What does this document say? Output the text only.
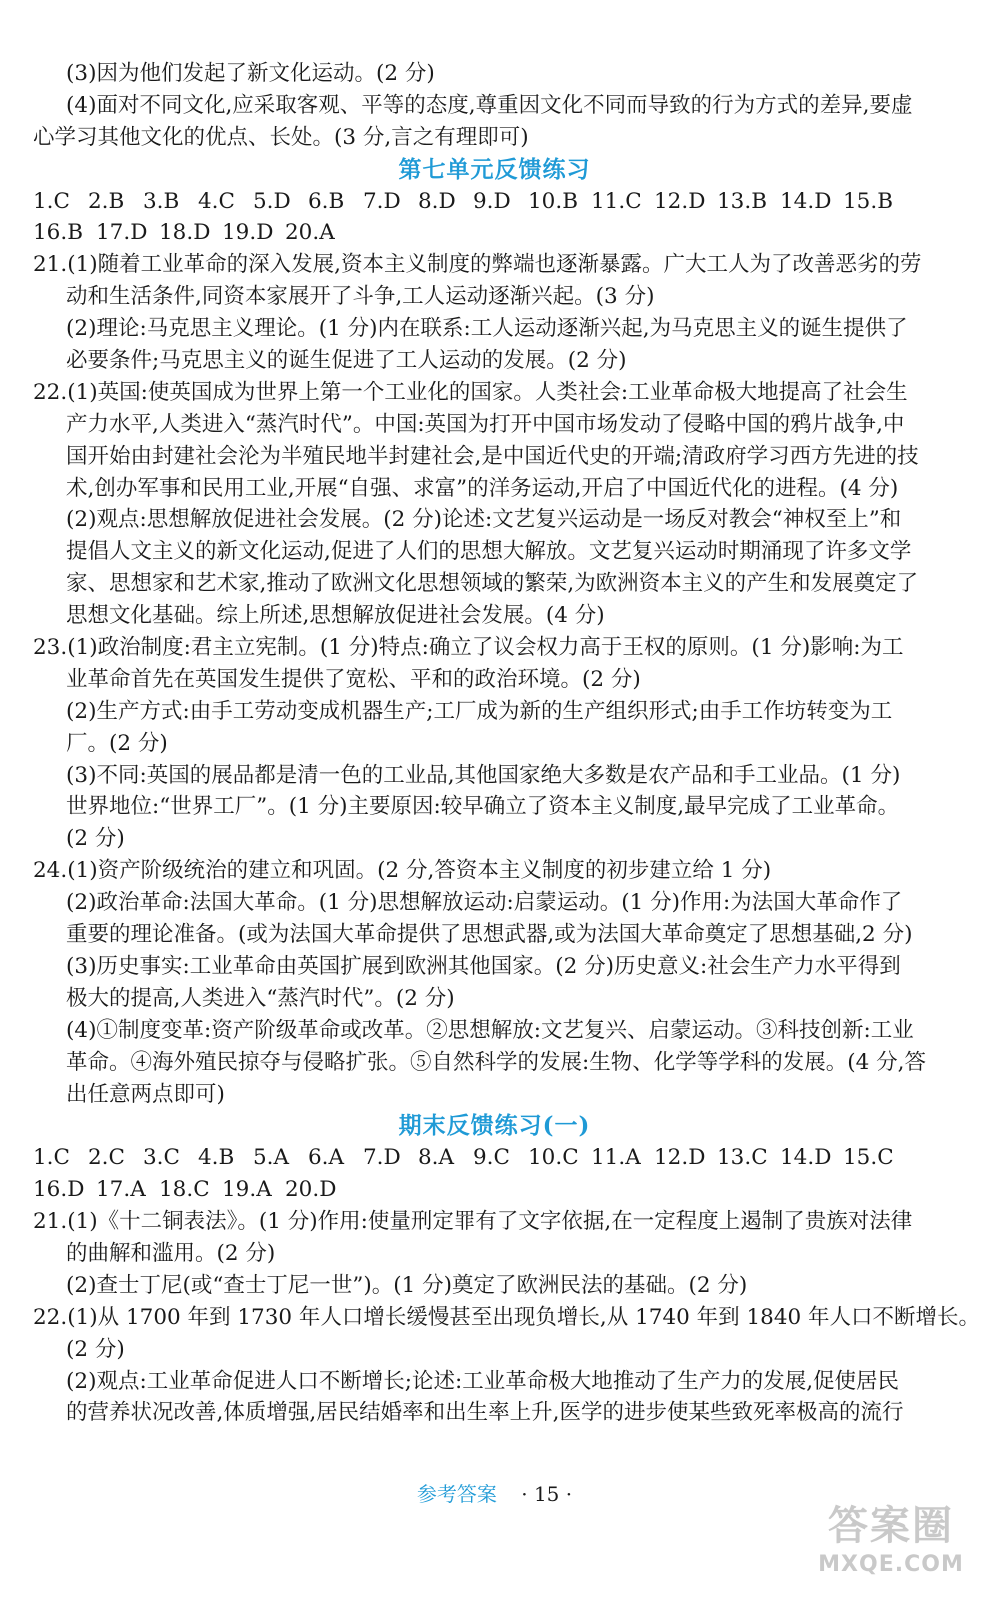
(3)因为他们发起了新文化运动。(2 分)
(4)面对不同文化,应采取客观、平等的态度,尊重因文化不同而导致的行为方式的差异,要虚
心学习其他文化的优点、长处。(3 分,言之有理即可)
第七单元反馈练习
1.C 2.B 3.B 4.C 5.D 6.B 7.D 8.D 9.D 10.B 11.C 12.D 13.B 14.D 15.B
16.B 17.D 18.D 19.D 20.A
21.(1)随着工业革命的深入发展,资本主义制度的弊端也逐渐暴露。广大工人为了改善恶劣的劳
动和生活条件,同资本家展开了斗争,工人运动逐渐兴起。(3 分)
(2)理论:马克思主义理论。(1 分)内在联系:工人运动逐渐兴起,为马克思主义的诞生提供了
必要条件;马克思主义的诞生促进了工人运动的发展。(2 分)
22.(1)英国:使英国成为世界上第一个工业化的国家。人类社会:工业革命极大地提高了社会生
产力水平,人类进入“蒸汽时代”。中国:英国为打开中国市场发动了侵略中国的鸦片战争,中
国开始由封建社会沦为半殖民地半封建社会,是中国近代史的开端;清政府学习西方先进的技
术,创办军事和民用工业,开展“自强、求富”的洋务运动,开启了中国近代化的进程。(4 分)
(2)观点:思想解放促进社会发展。(2 分)论述:文艺复兴运动是一场反对教会“神权至上”和
提倡人文主义的新文化运动,促进了人们的思想大解放。文艺复兴运动时期涌现了许多文学
家、思想家和艺术家,推动了欧洲文化思想领域的繁荣,为欧洲资本主义的产生和发展奠定了
思想文化基础。综上所述,思想解放促进社会发展。(4 分)
23.(1)政治制度:君主立宪制。(1 分)特点:确立了议会权力高于王权的原则。(1 分)影响:为工
业革命首先在英国发生提供了宽松、平和的政治环境。(2 分)
(2)生产方式:由手工劳动变成机器生产;工厂成为新的生产组织形式;由手工作坊转变为工
厂。(2 分)
(3)不同:英国的展品都是清一色的工业品,其他国家绝大多数是农产品和手工业品。(1 分)
世界地位:“世界工厂”。(1 分)主要原因:较早确立了资本主义制度,最早完成了工业革命。
(2 分)
24.(1)资产阶级统治的建立和巩固。(2 分,答资本主义制度的初步建立给 1 分)
(2)政治革命:法国大革命。(1 分)思想解放运动:启蒙运动。(1 分)作用:为法国大革命作了
重要的理论准备。(或为法国大革命提供了思想武器,或为法国大革命奠定了思想基础,2 分)
(3)历史事实:工业革命由英国扩展到欧洲其他国家。(2 分)历史意义:社会生产力水平得到
极大的提高,人类进入“蒸汽时代”。(2 分)
(4)①制度变革:资产阶级革命或改革。②思想解放:文艺复兴、启蒙运动。③科技创新:工业
革命。④海外殖民掠夺与侵略扩张。⑤自然科学的发展:生物、化学等学科的发展。(4 分,答
出任意两点即可)
期末反馈练习(一)
1.C 2.C 3.C 4.B 5.A 6.A 7.D 8.A 9.C 10.C 11.A 12.D 13.C 14.D 15.C
16.D 17.A 18.C 19.A 20.D
21.(1)《十二铜表法》。(1 分)作用:使量刑定罪有了文字依据,在一定程度上遏制了贵族对法律
的曲解和滥用。(2 分)
(2)查士丁尼(或“查士丁尼一世”)。(1 分)奠定了欧洲民法的基础。(2 分)
22.(1)从 1700 年到 1730 年人口增长缓慢甚至出现负增长,从 1740 年到 1840 年人口不断增长。
(2 分)
(2)观点:工业革命促进人口不断增长;论述:工业革命极大地推动了生产力的发展,促使居民
的营养状况改善,体质增强,居民结婚率和出生率上升,医学的进步使某些致死率极高的流行
参考答案 · 15 ·
答案圈
MXQE.COM
